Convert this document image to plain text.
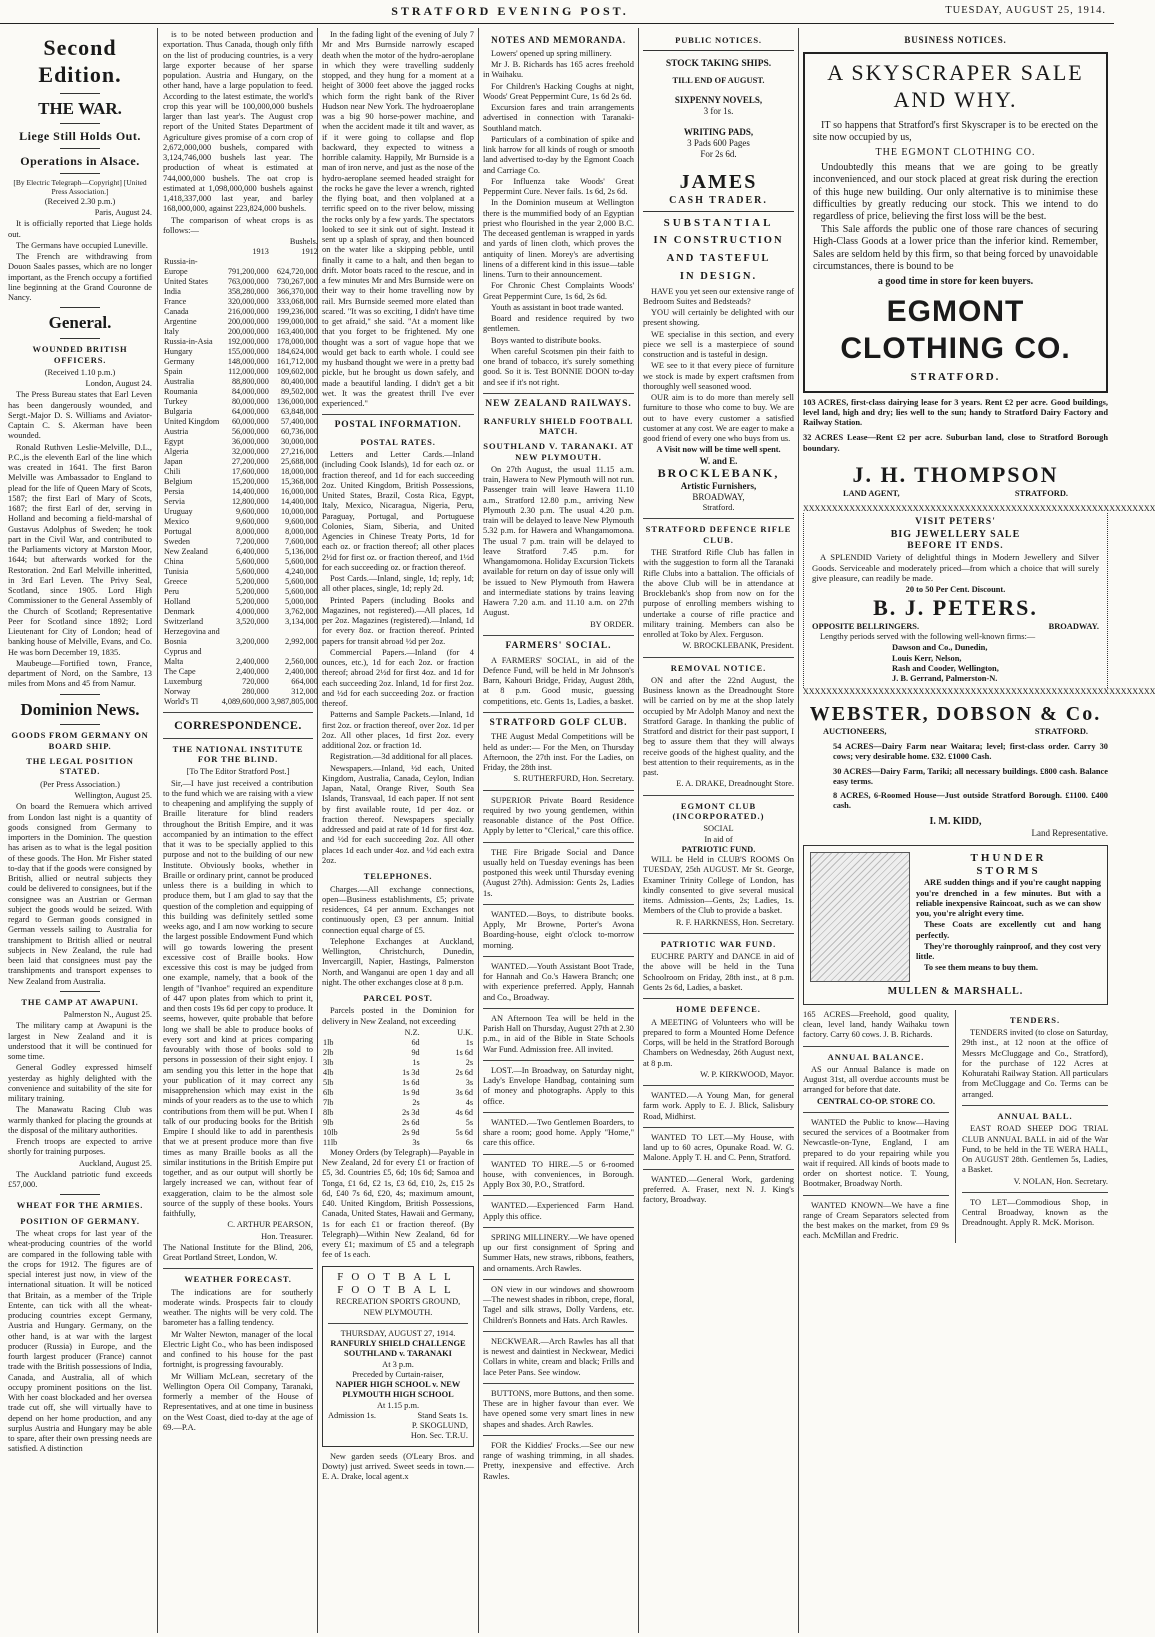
STRATFORD EVENING POST.	TUESDAY, AUGUST 25, 1914.
Second Edition.
THE WAR.
Liege Still Holds Out.
Operations in Alsace.

[By Electric Telegraph—Copyright] [United Press Association.]

(Received 2.30 p.m.)

Paris, August 24.

It is officially reported that Liege holds out.

The Germans have occupied Luneville.

The French are withdrawing from Douon Saales passes, which are no longer important, as the French occupy a fortified line beginning at the Grand Couronne de Nancy.

General.
WOUNDED BRITISH OFFICERS.

(Received 1.10 p.m.)

London, August 24.

The Press Bureau states that Earl Leven has been dangerously wounded, and Sergt.-Major D. S. Williams and Aviator-Captain C. S. Akerman have been wounded.

Ronald Ruthven Leslie-Melville, D.L., P.C.,is the eleventh Earl of the line which was created in 1641. The first Baron Melville was Ambassador to England to plead for the life of Queen Mary of Scots, 1587; the first Earl of Mary of Scots, 1687; the first Earl of der, serving in Holland and becoming a field-marshal of Gustavus Adolphus of Sweden; he took part in the Civil War, and contributed to the Parliaments victory at Marston Moor, 1644; but afterwards worked for the Restoration. 2nd Earl Melville inheritted, in 3rd Earl Leven. The Privy Seal, Scotland, since 1905. Lord High Commissioner to the General Assembly of the Church of Scotland; Representative Peer for Scotland since 1892; Lord Lieutenant for City of London; head of banking house of Melville, Evans, and Co. He was born December 19, 1835.

Maubeuge—Fortified town, France, department of Nord, on the Sambre, 13 miles from Mons and 45 from Namur.

Dominion News.
GOODS FROM GERMANY ON BOARD SHIP.
THE LEGAL POSITION STATED.

(Per Press Association.)

Wellington, August 25.

On board the Remuera which arrived from London last night is a quantity of goods consigned from Germany to importers in the Dominion. The question has arisen as to what is the legal position of these goods. The Hon. Mr Fisher stated to-day that if the goods were consigned by British, allied or neutral subjects they could be delivered to consignees, but if the consignee was an Austrian or German subject the goods would be seized. With regard to German goods consigned in German vessels sailing to Australia for transhipment to British allied or neutral subjects in New Zealand, the rule had been laid that consignees must pay the transhipments and transport expenses to New Zealand from Australia.

THE CAMP AT AWAPUNI.

Palmerston N., August 25.

The military camp at Awapuni is the largest in New Zealand and it is understood that it will be continued for some time.

General Godley expressed himself yesterday as highly delighted with the convenience and suitability of the site for military training.

The Manawatu Racing Club was warmly thanked for placing the grounds at the disposal of the military authorities.

French troops are expected to arrive shortly for training purposes.

Auckland, August 25.

The Auckland patriotic fund exceeds £57,000.

WHEAT FOR THE ARMIES.
POSITION OF GERMANY.

The wheat crops for last year of the wheat-producing countries of the world are compared in the following table with the crops for 1912. The figures are of special interest just now, in view of the international situation. It will be noticed that Britain, as a member of the Triple Entente, can tick with all the wheat-producing countries except Germany, Austria and Hungary. Germany, on the other hand, is at war with the largest producer (Russia) in Europe, and the fourth largest producer (France) cannot trade with the British possessions of India, Canada, and Australia, all of which occupy prominent positions on the list. With her coast blockaded and her oversea trade cut off, she will virtually have to depend on her home production, and any surplus Austria and Hungary may be able to spare, after their own pressing needs are satisfied. A distinction

is to be noted between production and exportation. Thus Canada, though only fifth on the list of producing countries, is a very large exporter because of her sparse population. Austria and Hungary, on the other hand, have a large population to feed. According to the latest estimate, the world's crop this year will be 100,000,000 bushels larger than last year's. The August crop report of the United States Department of Agriculture gives promise of a corn crop of 2,672,000,000 bushels, compared with 3,124,746,000 bushels last year. The production of wheat is estimated at 744,000,000 bushels. The oat crop is estimated at 1,098,000,000 bushels against 1,418,337,000 last year, and barley 168,000,000, against 223,824,000 bushels.

The comparison of wheat crops is as follows:—

	Bushels.	
	1913	1912
Russia-in-		
Europe	791,200,000	624,720,000
United States	763,000,000	730,267,000
India	358,280,000	366,370,000
France	320,000,000	333,068,000
Canada	216,000,000	199,236,000
Argentine	200,000,000	199,000,000
Italy	200,000,000	163,400,000
Russia-in-Asia	192,000,000	178,000,000
Hungary	155,000,000	184,624,000
Germany	148,000,000	161,712,000
Spain	112,000,000	109,602,000
Australia	88,800,000	80,400,000
Roumania	84,000,000	89,502,000
Turkey	80,000,000	136,000,000
Bulgaria	64,000,000	63,848,000
United Kingdom	60,000,000	57,400,000
Austria	56,000,000	60,736,000
Egypt	36,000,000	30,000,000
Algeria	32,000,000	27,216,000
Japan	27,200,000	25,688,000
Chili	17,600,000	18,000,000
Belgium	15,200,000	15,368,000
Persia	14,400,000	16,000,000
Servia	12,800,000	14,400,000
Uruguay	9,600,000	10,000,000
Mexico	9,600,000	9,600,000
Portugal	8,000,000	8,000,000
Sweden	7,200,000	7,600,000
New Zealand	6,400,000	5,136,000
China	5,600,000	5,600,000
Tunisia	5,600,000	4,240,000
Greece	5,200,000	5,600,000
Peru	5,200,000	5,600,000
Holland	5,200,000	5,000,000
Denmark	4,000,000	3,762,000
Switzerland	3,520,000	3,134,000
Herzegovina and		
Bosnia	3,200,000	2,992,000
Cyprus and		
Malta	2,400,000	2,560,000
The Cape	2,400,000	2,400,000
Luxemburg	720,000	664,000
Norway	280,000	312,000
World's Tl	4,089,600,000	3,987,805,000
CORRESPONDENCE.
THE NATIONAL INSTITUTE FOR THE BLIND.

[To The Editor Stratford Post.]

Sir,—I have just received a contribution to the fund which we are raising with a view to cheapening and amplifying the supply of Braille literature for blind readers throughout the British Empire, and it was accompanied by an intimation to the effect that it was to be specially applied to this purpose and not to the building of our new Institute. Obviously books, whether in Braille or ordinary print, cannot be produced unless there is a building in which to produce them, but I am glad to say that the question of the completion and equipping of this building was definitely settled some weeks ago, and I am now working to secure the largest possible Endowment Fund which will go towards lowering the present excessive cost of Braille books. How excessive this cost is may be judged from one example, namely, that a book of the length of "Ivanhoe" required an expenditure of 447 upon plates from which to print it, and then costs 19s 6d per copy to produce. It seems, however, quite probable that before long we shall be able to produce books of every sort and kind at prices comparing favourably with those of books sold to persons in possession of their sight enjoy. I am sending you this letter in the hope that your publication of it may correct any misapprehension which may exist in the minds of your readers as to the use to which contributions from them will be put. When I talk of our producing books for the British Empire I should like to add in parenthesis that we at present produce more than five times as many Braille books as all the similar institutions in the British Empire put together, and as our output will shortly be largely increased we can, without fear of exaggeration, claim to be the almost sole source of the supply of these books. Yours faithfully,

C. ARTHUR PEARSON,

Hon. Treasurer.

The National Institute for the Blind, 206, Great Portland Street, London, W.

WEATHER FORECAST.

The indications are for southerly moderate winds. Prospects fair to cloudy weather. The nights will be very cold. The barometer has a falling tendency.

Mr Walter Newton, manager of the local Electric Light Co., who has been indisposed and confined to his house for the past fortnight, is progressing favourably.

Mr William McLean, secretary of the Wellington Opera Oil Company, Taranaki, formerly a member of the House of Representatives, and at one time in business on the West Coast, died to-day at the age of 69.—P.A.

In the fading light of the evening of July 7 Mr and Mrs Burnside narrowly escaped death when the motor of the hydro-aeroplane in which they were travelling suddenly stopped, and they hung for a moment at a height of 3000 feet above the jagged rocks which form the right bank of the River Hudson near New York. The hydroaeroplane was a big 90 horse-power machine, and when the accident made it tilt and waver, as if it were going to collapse and flop backward, they expected to witness a horrible calamity. Happily, Mr Burnside is a man of iron nerve, and just as the nose of the hydro-aeroplane seemed headed straight for the rocks he gave the lever a wrench, righted the flying boat, and then volplaned at a terrific speed on to the river below, missing the rocks only by a few yards. The spectators looked to see it sink out of sight. Instead it sent up a splash of spray, and then bounced on the water like a skipping pebble, until finally it came to a halt, and then began to drift. Motor boats raced to the rescue, and in a few minutes Mr and Mrs Burnside were on their way to their home travelling now by rail. Mrs Burnside seemed more elated than scared. "It was so exciting, I didn't have time to get afraid," she said. "At a moment like that you forget to be frightened. My one thought was a sort of vague hope that we would get back to earth whole. I could see my husband thought we were in a pretty bad pickle, but he brought us down safely, and made a beautiful landing. I didn't get a bit wet. It was the greatest thrill I've ever experienced."

POSTAL INFORMATION.
POSTAL RATES.

Letters and Letter Cards.—Inland (including Cook Islands), 1d for each oz. or fraction thereof, and 1d for each succeeding 2oz. United Kingdom, British Possessions, United States, Brazil, Costa Rica, Egypt, Italy, Mexico, Nicaragua, Nigeria, Peru, Paraguay, Portugal, and Portuguese Colonies, Siam, Siberia, and United Agencies in Chinese Treaty Ports, 1d for each oz. or fraction thereof; all other places 2½d for first oz. or fraction thereof, and 1½d for each succeeding oz. or fraction thereof.

Post Cards.—Inland, single, 1d; reply, 1d; all other places, single, 1d; reply 2d.

Printed Papers (including Books and Magazines, not registered).—All places, 1d per 2oz. Magazines (registered).—Inland, 1d for every 8oz. or fraction thereof. Printed papers for transit abroad ½d per 2oz.

Commercial Papers.—Inland (for 4 ounces, etc.), 1d for each 2oz. or fraction thereof; abroad 2½d for first 4oz. and 1d for each succeeding 2oz. Inland, 1d for first 2oz. and ½d for each succeeding 2oz. or fraction thereof.

Patterns and Sample Packets.—Inland, 1d first 2oz. or fraction thereof, over 2oz. 1d per 2oz. All other places, 1d first 2oz. every additional 2oz. or fraction 1d.

Registration.—3d additional for all places.

Newspapers.—Inland, ½d each, United Kingdom, Australia, Canada, Ceylon, Indian Japan, Natal, Orange River, South Sea Islands, Transvaal, 1d each paper. If not sent by first available route, 1d per 4oz. or fraction thereof. Newspapers specially addressed and paid at rate of 1d for first 4oz. and ½d for each succeeding 2oz. All other places 1d each under 4oz. and ½d each extra 2oz.

TELEPHONES.

Charges.—All exchange connections, open—Business establishments, £5; private residences, £4 per annum. Exchanges not continuously open, £3 per annum. Initial connection equal charge of £5.

Telephone Exchanges at Auckland, Wellington, Christchurch, Dunedin, Invercargill, Napier, Hastings, Palmerston North, and Wanganui are open 1 day and all night. The other exchanges close at 8 p.m.

PARCEL POST.

Parcels posted in the Dominion for delivery in New Zealand, not exceeding

	N.Z.	U.K.
1lb	6d	1s
2lb	9d	1s 6d
3lb	1s	2s
4lb	1s 3d	2s 6d
5lb	1s 6d	3s
6lb	1s 9d	3s 6d
7lb	2s	4s
8lb	2s 3d	4s 6d
9lb	2s 6d	5s
10lb	2s 9d	5s 6d
11lb	3s	6s

Money Orders (by Telegraph)—Payable in New Zealand, 2d for every £1 or fraction of £5, 3d. Countries £5, 6d; 10s 6d; Samoa and Tonga, £1 6d, £2 1s, £3 6d, £10, 2s, £15 2s 6d, £40 7s 6d, £20, 4s; maximum amount, £40. United Kingdom, British Possessions, Canada, United States, Hawaii and Germany, 1s for each £1 or fraction thereof. (By Telegraph)—Within New Zealand, 6d for every £1; maximum of £5 and a telegraph fee of 1s each.

FOOTBALL
FOOTBALL
RECREATION SPORTS GROUND, NEW PLYMOUTH.
THURSDAY, AUGUST 27, 1914.
RANFURLY SHIELD CHALLENGE
SOUTHLAND v. TARANAKI
At 3 p.m.
Preceded by Curtain-raiser,
NAPIER HIGH SCHOOL v. NEW PLYMOUTH HIGH SCHOOL
At 1.15 p.m.
Admission 1s.	Stand Seats 1s.
P. SKOGLUND,
Hon. Sec. T.R.U.

New garden seeds (O'Leary Bros. and Dowty) just arrived. Sweet seeds in town.—E. A. Drake, local agent.x

NOTES AND MEMORANDA.

Lowers' opened up spring millinery.

Mr J. B. Richards has 165 acres freehold in Waihaku.

For Children's Hacking Coughs at night, Woods' Great Peppermint Cure, 1s 6d 2s 6d.

Excursion fares and train arrangements advertised in connection with Taranaki-Southland match.

Particulars of a combination of spike and link harrow for all kinds of rough or smooth land advertised to-day by the Egmont Coach and Carriage Co.

For Influenza take Woods' Great Peppermint Cure. Never fails. 1s 6d, 2s 6d.

In the Dominion museum at Wellington there is the mummified body of an Egyptian priest who flourished in the year 2,000 B.C. The deceased gentleman is wrapped in yards and yards of linen cloth, which proves the antiquity of linen. Morey's are advertising linens of a different kind in this issue—table linens. Turn to their announcement.

For Chronic Chest Complaints Woods' Great Peppermint Cure, 1s 6d, 2s 6d.

Youth as assistant in boot trade wanted.

Board and residence required by two gentlemen.

Boys wanted to distribute books.

When careful Scotsmen pin their faith to one brand of tobacco, it's surely something good. So it is. Test BONNIE DOON to-day and see if it's not right.

NEW ZEALAND RAILWAYS.
RANFURLY SHIELD FOOTBALL MATCH.
SOUTHLAND V. TARANAKI. AT NEW PLYMOUTH.

On 27th August, the usual 11.15 a.m. train, Hawera to New Plymouth will not run. Passenger train will leave Hawera 11.10 a.m., Stratford 12.80 p.m., arriving New Plymouth 2.30 p.m. The usual 4.20 p.m. train will be delayed to leave New Plymouth 5.32 p.m. for Hawera and Whangamomona. The usual 7 p.m. train will be delayed to leave Stratford 7.45 p.m. for Whangamomona. Holiday Excursion Tickets available for return on day of issue only will be issued to New Plymouth from Hawera and intermediate stations by trains leaving Hawera 7.20 a.m. and 11.10 a.m. on 27th August.

BY ORDER.

FARMERS' SOCIAL.

A FARMERS' SOCIAL, in aid of the Defence Fund, will be held in Mr Johnson's Barn, Kahouri Bridge, Friday, August 28th, at 8 p.m. Good music, guessing competitions, etc. Gents 1s, Ladies, a basket.

STRATFORD GOLF CLUB.

THE August Medal Competitions will be held as under:— For the Men, on Thursday Afternoon, the 27th inst. For the Ladies, on Friday, the 28th inst.

S. RUTHERFURD, Hon. Secretary.

SUPERIOR Private Board Residence required by two young gentlemen, within reasonable distance of the Post Office. Apply by letter to "Clerical," care this office.

THE Fire Brigade Social and Dance usually held on Tuesday evenings has been postponed this week until Thursday evening (August 27th). Admission: Gents 2s, Ladies 1s.

WANTED.—Boys, to distribute books. Apply, Mr Browne, Porter's Avona Boarding-house, eight o'clock to-morrow morning.

WANTED.—Youth Assistant Boot Trade, for Hannah and Co.'s Hawera Branch; one with experience preferred. Apply, Hannah and Co., Broadway.

AN Afternoon Tea will be held in the Parish Hall on Thursday, August 27th at 2.30 p.m., in aid of the Bible in State Schools War Fund. Admission free. All invited.

LOST.—In Broadway, on Saturday night, Lady's Envelope Handbag, containing sum of money and photographs. Apply to this office.

WANTED.—Two Gentlemen Boarders, to share a room; good home. Apply "Home," care this office.

WANTED TO HIRE.—5 or 6-roomed house, with conveniences, in Borough. Apply Box 30, P.O., Stratford.

WANTED.—Experienced Farm Hand. Apply this office.

SPRING MILLINERY.—We have opened up our first consignment of Spring and Summer Hats, new straws, ribbons, feathers, and ornaments. Arch Rawles.

ON view in our windows and showroom—The newest shades in ribbon, crepe, floral, Tagel and silk straws, Dolly Vardens, etc. Children's Bonnets and Hats. Arch Rawles.

NECKWEAR.—Arch Rawles has all that is newest and daintiest in Neckwear, Medici Collars in white, cream and black; Frills and lace Peter Pans. See window.

BUTTONS, more Buttons, and then some. These are in higher favour than ever. We have opened some very smart lines in new shapes and shades. Arch Rawles.

FOR the Kiddies' Frocks.—See our new range of washing trimming, in all shades. Pretty, inexpensive and effective. Arch Rawles.

PUBLIC NOTICES.
STOCK TAKING SHIPS.
TILL END OF AUGUST.
SIXPENNY NOVELS,
3 for 1s.
WRITING PADS,
3 Pads 600 Pages
For 2s 6d.
JAMES
CASH TRADER.
SUBSTANTIAL
IN CONSTRUCTION
AND TASTEFUL
IN DESIGN.

HAVE you yet seen our extensive range of Bedroom Suites and Bedsteads?

YOU will certainly be delighted with our present showing.

WE specialise in this section, and every piece we sell is a masterpiece of sound construction and is tasteful in design.

WE see to it that every piece of furniture we stock is made by expert craftsmen from thoroughly well seasoned wood.

OUR aim is to do more than merely sell furniture to those who come to buy. We are out to have every customer a satisfied customer at any cost. We are eager to make a good friend of every one who buys from us.

A Visit now will be time well spent.
W. and E.
BROCKLEBANK,
Artistic Furnishers,
BROADWAY,
Stratford.
STRATFORD DEFENCE RIFLE CLUB.

THE Stratford Rifle Club has fallen in with the suggestion to form all the Taranaki Rifle Clubs into a battalion. The officials of the above Club will be in attendance at Brocklebank's shop from now on for the purpose of enrolling members wishing to undertake a course of rifle practice and military training. Members can also be enrolled at Toko by Alex. Ferguson.

W. BROCKLEBANK, President.

REMOVAL NOTICE.

ON and after the 22nd August, the Business known as the Dreadnought Store will be carried on by me at the shop lately occupied by Mr Adolph Manoy and next the Stratford Garage. In thanking the public of Stratford and district for their past support, I beg to assure them that they will always receive goods of the highest quality, and the best attention to their requirements, as in the past.

E. A. DRAKE, Dreadnought Store.

EGMONT CLUB (INCORPORATED.)
SOCIAL
In aid of
PATRIOTIC FUND.

WILL be Held in CLUB'S ROOMS On TUESDAY, 25th AUGUST. Mr St. George, Examiner Trinity College of London, has kindly consented to give several musical items. Admission—Gents, 2s; Ladies, 1s. Members of the Club to provide a basket.

R. F. HARKNESS, Hon. Secretary.

PATRIOTIC WAR FUND.

EUCHRE PARTY and DANCE in aid of the above will be held in the Tuna Schoolroom on Friday, 28th inst., at 8 p.m. Gents 2s 6d, Ladies, a basket.

HOME DEFENCE.

A MEETING of Volunteers who will be prepared to form a Mounted Home Defence Corps, will be held in the Stratford Borough Chambers on Wednesday, 26th August next, at 8 p.m.

W. P. KIRKWOOD, Mayor.

WANTED.—A Young Man, for general farm work. Apply to E. J. Blick, Salisbury Road, Midhirst.

WANTED TO LET.—My House, with land up to 60 acres, Opunake Road. W. G. Malone. Apply T. H. and C. Penn, Stratford.

WANTED.—General Work, gardening preferred. A. Fraser, next N. J. King's factory, Broadway.

BUSINESS NOTICES.
A SKYSCRAPER SALE
AND WHY.

IT so happens that Stratford's first Skyscraper is to be erected on the site now occupied by us,

THE EGMONT CLOTHING CO.

Undoubtedly this means that we are going to be greatly inconvenienced, and our stock placed at great risk during the erection of this huge new building. Our only alternative is to minimise these difficulties by greatly reducing our stock. This we intend to do regardless of price, believing the first loss will be the best.

This Sale affords the public one of those rare chances of securing High-Class Goods at a lower price than the inferior kind. Remember, Sales are seldom held by this firm, so that being forced by unavoidable circumstances, there is bound to be

a good time in store for keen buyers.
EGMONT CLOTHING CO.
STRATFORD.

103 ACRES, first-class dairying lease for 3 years. Rent £2 per acre. Good buildings, level land, high and dry; lies well to the sun; handy to Stratford Dairy Factory and Railway Station.

32 ACRES Lease—Rent £2 per acre. Suburban land, close to Stratford Borough boundary.

J. H. THOMPSON
LAND AGENT,	STRATFORD.
XXXXXXXXXXXXXXXXXXXXXXXXXXXXXXXXXXXXXXXXXXXXXXXXXXXXXXXXXXXXX
VISIT PETERS'
BIG JEWELLERY SALE
BEFORE IT ENDS.

A SPLENDID Variety of delightful things in Modern Jewellery and Silver Goods. Serviceable and moderately priced—from which a choice that will surely give pleasure, can readily be made.

20 to 50 Per Cent. Discount.
B. J. PETERS.
OPPOSITE BELLRINGERS.	BROADWAY.

Lengthy periods served with the following well-known firms:—

Dawson and Co., Dunedin,
Louis Kerr, Nelson,
Rash and Cooder, Wellington,
J. B. Gerrand, Palmerston-N.
XXXXXXXXXXXXXXXXXXXXXXXXXXXXXXXXXXXXXXXXXXXXXXXXXXXXXXXXXXXXX
WEBSTER, DOBSON & Co.
AUCTIONEERS,	STRATFORD.

54 ACRES—Dairy Farm near Waitara; level; first-class order. Carry 30 cows; very desirable home. £32. £1000 Cash.

30 ACRES—Dairy Farm, Tariki; all necessary buildings. £800 cash. Balance easy terms.

8 ACRES, 6-Roomed House—Just outside Stratford Borough. £1100. £400 cash.

I. M. KIDD,
Land Representative.
THUNDER
STORMS

ARE sudden things and if you're caught napping you're drenched in a few minutes. But with a reliable inexpensive Raincoat, such as we can show you, you're alright every time.

These Coats are excellently cut and hang perfectly.

They're thoroughly rainproof, and they cost very little.

To see them means to buy them.

MULLEN & MARSHALL.

165 ACRES—Freehold, good quality, clean, level land, handy Waihaku town factory. Carry 60 cows. J. B. Richards.

ANNUAL BALANCE.

AS our Annual Balance is made on August 31st, all overdue accounts must be arranged for before that date.

CENTRAL CO-OP. STORE CO.

WANTED the Public to know—Having secured the services of a Bootmaker from Newcastle-on-Tyne, England, I am prepared to do your repairing while you wait if required. All kinds of boots made to order on shortest notice. T. Young, Bootmaker, Broadway North.

WANTED KNOWN—We have a fine range of Cream Separators selected from the best makes on the market, from £9 9s each. McMillan and Fredric.

TENDERS.

TENDERS invited (to close on Saturday, 29th inst., at 12 noon at the office of Messrs McCluggage and Co., Stratford), for the purchase of 122 Acres at Kohuratahi Railway Station. All particulars from McCluggage and Co. Terms can be arranged.

ANNUAL BALL.

EAST ROAD SHEEP DOG TRIAL CLUB ANNUAL BALL in aid of the War Fund, to be held in the TE WERA HALL, On AUGUST 28th. Gentlemen 5s, Ladies, a Basket.

V. NOLAN, Hon. Secretary.

TO LET—Commodious Shop, in Central Broadway, known as the Dreadnought. Apply R. McK. Morison.
